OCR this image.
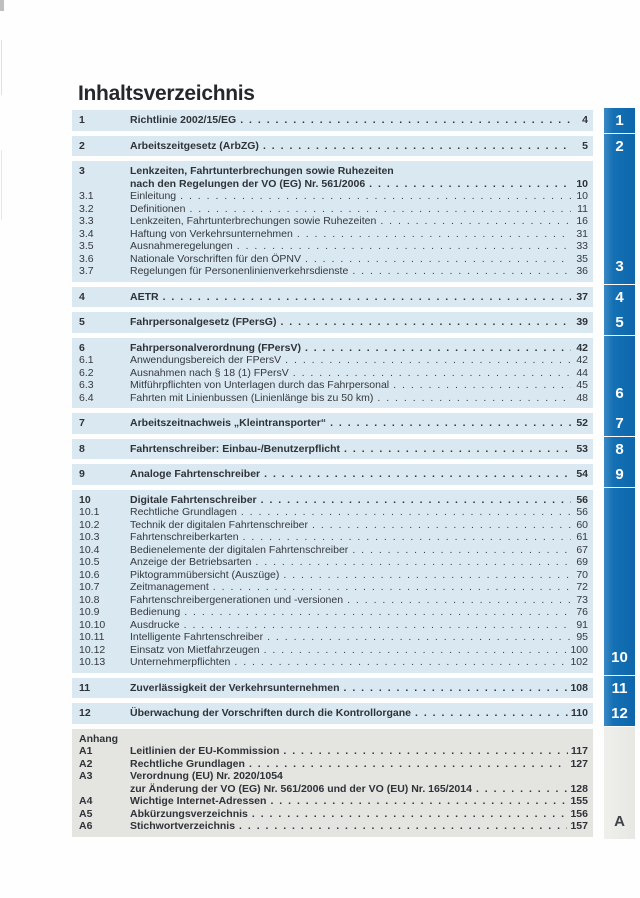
Inhaltsverzeichnis
1	Richtlinie 2002/15/EG . . .	4
2	Arbeitszeitgesetz (ArbZG) . . .	5
3	Lenkzeiten, Fahrtunterbrechungen sowie Ruhezeiten
nach den Regelungen der VO (EG) Nr. 561/2006 . . .	10
3.1	Einleitung . . .	10
3.2	Definitionen . . .	11
3.3	Lenkzeiten, Fahrtunterbrechungen sowie Ruhezeiten . . .	16
3.4	Haftung von Verkehrsunternehmen . . .	31
3.5	Ausnahmeregelungen . . .	33
3.6	Nationale Vorschriften für den ÖPNV . . .	35
3.7	Regelungen für Personenlinienverkehrsdienste . . .	36
4	AETR . . .	37
5	Fahrpersonalgesetz (FPersG) . . .	39
6	Fahrpersonalverordnung (FPersV) . . .	42
6.1	Anwendungsbereich der FPersV . . .	42
6.2	Ausnahmen nach § 18 (1) FPersV . . .	44
6.3	Mitführpflichten von Unterlagen durch das Fahrpersonal . . .	45
6.4	Fahrten mit Linienbussen (Linienlänge bis zu 50 km) . . .	48
7	Arbeitszeitnachweis „Kleintransporter“ . . .	52
8	Fahrtenschreiber: Einbau-/Benutzerpflicht . . .	53
9	Analoge Fahrtenschreiber . . .	54
10	Digitale Fahrtenschreiber . . .	56
10.1	Rechtliche Grundlagen . . .	56
10.2	Technik der digitalen Fahrtenschreiber . . .	60
10.3	Fahrtenschreiberkarten . . .	61
10.4	Bedienelemente der digitalen Fahrtenschreiber . . .	67
10.5	Anzeige der Betriebsarten . . .	69
10.6	Piktogrammübersicht (Auszüge) . . .	70
10.7	Zeitmanagement . . .	72
10.8	Fahrtenschreibergenerationen und -versionen . . .	73
10.9	Bedienung . . .	76
10.10	Ausdrucke . . .	91
10.11	Intelligente Fahrtenschreiber . . .	95
10.12	Einsatz von Mietfahrzeugen . . .	100
10.13	Unternehmerpflichten . . .	102
11	Zuverlässigkeit der Verkehrsunternehmen . . .	108
12	Überwachung der Vorschriften durch die Kontrollorgane . . .	110
Anhang
A1	Leitlinien der EU-Kommission . . .	117
A2	Rechtliche Grundlagen . . .	127
A3	Verordnung (EU) Nr. 2020/1054
zur Änderung der VO (EG) Nr. 561/2006 und der VO (EU) Nr. 165/2014 . . .	128
A4	Wichtige Internet-Adressen . . .	155
A5	Abkürzungsverzeichnis . . .	156
A6	Stichwortverzeichnis . . .	157
1
2
3
4
5
6
7
8
9
10
11
12
A
